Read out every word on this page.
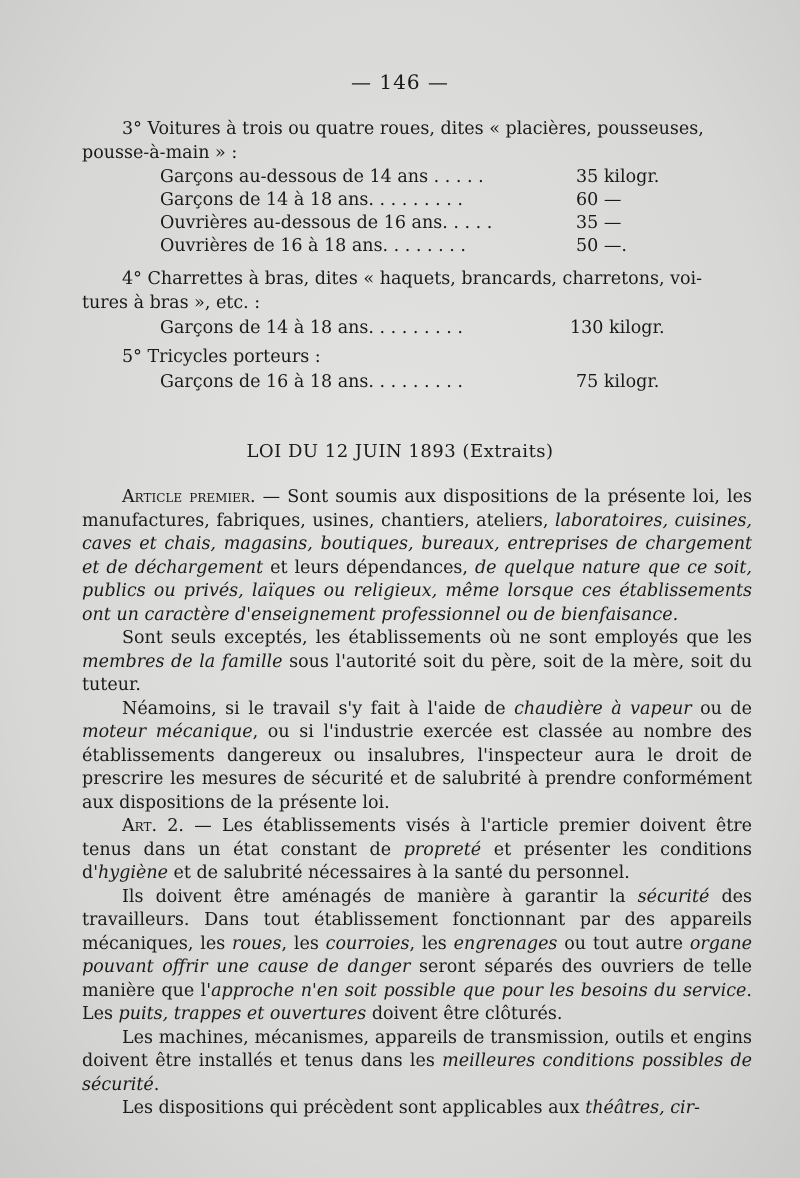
— 146 —

3° Voitures à trois ou quatre roues, dites « placières, pousseuses,

pousse-à-main » :

Garçons au-dessous de 14 ans . . . . .	35 kilogr.
Garçons de 14 à 18 ans. . . . . . . . .	60 —
Ouvrières au-dessous de 16 ans. . . . .	35 —
Ouvrières de 16 à 18 ans. . . . . . . .	50 —.

4° Charrettes à bras, dites « haquets, brancards, charretons, voi-

tures à bras », etc. :

Garçons de 14 à 18 ans. . . . . . . . .	130 kilogr.

5° Tricycles porteurs :

Garçons de 16 à 18 ans. . . . . . . . .	75 kilogr.
LOI DU 12 JUIN 1893 (Extraits)

Article premier. — Sont soumis aux dispositions de la présente loi, les manufactures, fabriques, usines, chantiers, ateliers, laboratoires, cuisines, caves et chais, magasins, boutiques, bureaux, entreprises de chargement et de déchargement et leurs dépendances, de quelque nature que ce soit, publics ou privés, laïques ou religieux, même lorsque ces établissements ont un caractère d'enseignement professionnel ou de bienfaisance.

Sont seuls exceptés, les établissements où ne sont employés que les membres de la famille sous l'autorité soit du père, soit de la mère, soit du tuteur.

Néamoins, si le travail s'y fait à l'aide de chaudière à vapeur ou de moteur mécanique, ou si l'industrie exercée est classée au nombre des établissements dangereux ou insalubres, l'inspecteur aura le droit de prescrire les mesures de sécurité et de salubrité à prendre conformément aux dispositions de la présente loi.

Art. 2. — Les établissements visés à l'article premier doivent être tenus dans un état constant de propreté et présenter les conditions d'hygiène et de salubrité nécessaires à la santé du personnel.

Ils doivent être aménagés de manière à garantir la sécurité des travailleurs. Dans tout établissement fonctionnant par des appareils mécaniques, les roues, les courroies, les engrenages ou tout autre organe pouvant offrir une cause de danger seront séparés des ouvriers de telle manière que l'approche n'en soit possible que pour les besoins du service. Les puits, trappes et ouvertures doivent être clôturés.

Les machines, mécanismes, appareils de transmission, outils et engins doivent être installés et tenus dans les meilleures conditions possibles de sécurité.

Les dispositions qui précèdent sont applicables aux théâtres, cir-
